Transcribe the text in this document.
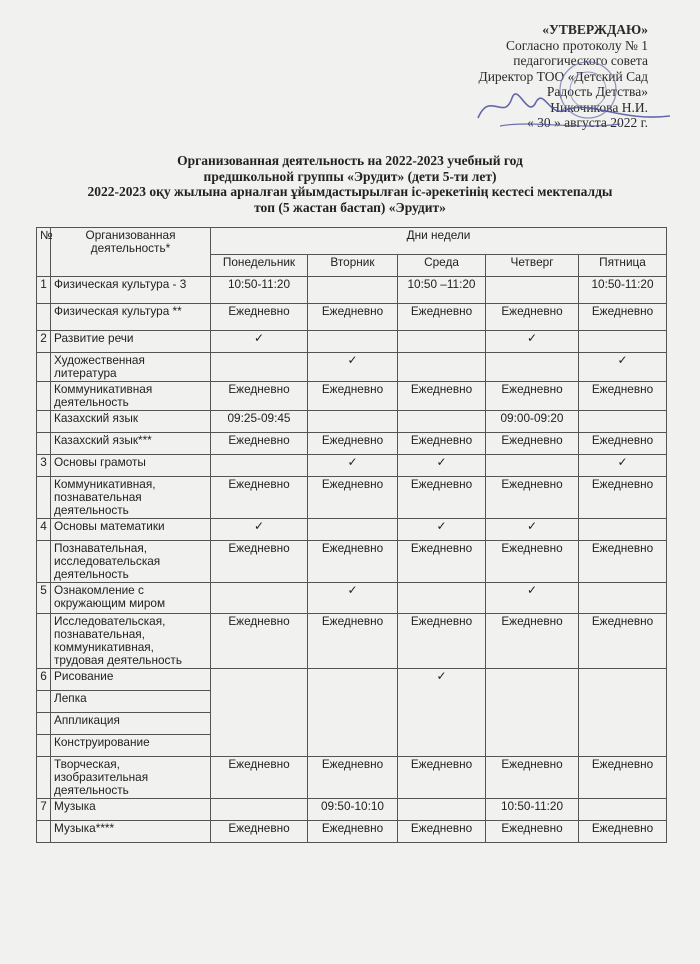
«УТВЕРЖДАЮ»
Согласно протоколу № 1
педагогического совета
Директор ТОО «Детский Сад
Радость Детства»
Никочикова Н.И.
« 30 » августа 2022 г.
Организованная деятельность на 2022-2023 учебный год
предшкольной группы «Эрудит» (дети 5-ти лет)
2022-2023 оқу жылына арналған ұйымдастырылған іс-әрекетінің кестесі мектепалды
топ (5 жастан бастап) «Эрудит»
№	Организованная деятельность*	Дни недели				
		Понедельник	Вторник	Среда	Четверг	Пятница
1	Физическая культура - 3	10:50-11:20		10:50 –11:20		10:50-11:20
	Физическая культура **	Ежедневно	Ежедневно	Ежедневно	Ежедневно	Ежедневно
2	Развитие речи	✓			✓	
	Художественная литература		✓			✓
	Коммуникативная деятельность	Ежедневно	Ежедневно	Ежедневно	Ежедневно	Ежедневно
	Казахский язык	09:25-09:45			09:00-09:20	
	Казахский язык***	Ежедневно	Ежедневно	Ежедневно	Ежедневно	Ежедневно
3	Основы грамоты		✓	✓		✓
	Коммуникативная, познавательная деятельность	Ежедневно	Ежедневно	Ежедневно	Ежедневно	Ежедневно
4	Основы математики	✓		✓	✓	
	Познавательная, исследовательская деятельность	Ежедневно	Ежедневно	Ежедневно	Ежедневно	Ежедневно
5	Ознакомление с окружающим миром		✓		✓	
	Исследовательская, познавательная, коммуникативная, трудовая деятельность	Ежедневно	Ежедневно	Ежедневно	Ежедневно	Ежедневно
6	Рисование			✓		
	Лепка					
	Аппликация					
	Конструирование					
	Творческая, изобразительная деятельность	Ежедневно	Ежедневно	Ежедневно	Ежедневно	Ежедневно
7	Музыка		09:50-10:10		10:50-11:20	
	Музыка****	Ежедневно	Ежедневно	Ежедневно	Ежедневно	Ежедневно
